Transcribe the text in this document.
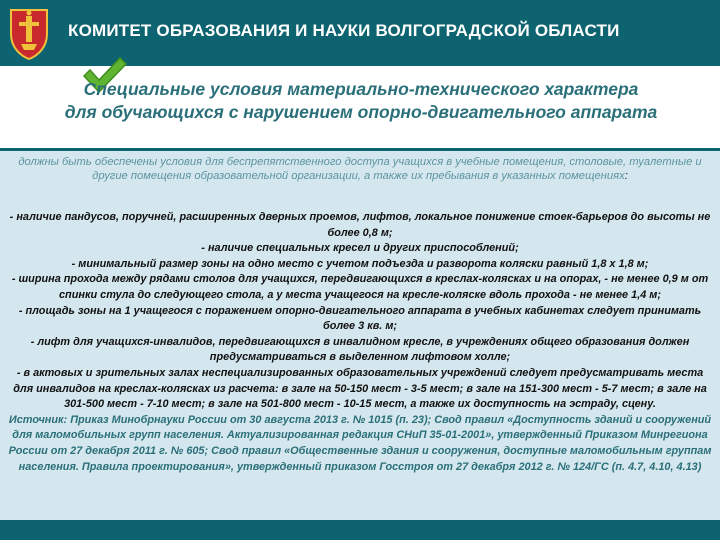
КОМИТЕТ ОБРАЗОВАНИЯ И НАУКИ ВОЛГОГРАДСКОЙ ОБЛАСТИ
Специальные условия материально-технического характера
для обучающихся с нарушением опорно-двигательного аппарата
должны быть обеспечены условия для беспрепятственного доступа учащихся в учебные помещения, столовые, туалетные и другие помещения образовательной организации, а также их пребывания в указанных помещениях:

- наличие пандусов, поручней, расширенных дверных проемов, лифтов, локальное понижение стоек-барьеров до высоты не более 0,8 м;

- наличие специальных кресел и других приспособлений;

- минимальный размер зоны на одно место с учетом подъезда и разворота коляски равный 1,8 х 1,8 м;

- ширина прохода между рядами столов для учащихся, передвигающихся в креслах-колясках и на опорах, - не менее 0,9 м от спинки стула до следующего стола, а у места учащегося на кресле-коляске вдоль прохода - не менее 1,4 м;

- площадь зоны на 1 учащегося с поражением опорно-двигательного аппарата в учебных кабинетах следует принимать более 3 кв. м;

- лифт для учащихся-инвалидов, передвигающихся в инвалидном кресле, в учреждениях общего образования должен предусматриваться в выделенном лифтовом холле;

- в актовых и зрительных залах неспециализированных образовательных учреждений следует предусматривать места для инвалидов на креслах-колясках из расчета: в зале на 50-150 мест - 3-5 мест; в зале на 151-300 мест - 5-7 мест; в зале на 301-500 мест - 7-10 мест; в зале на 501-800 мест - 10-15 мест, а также их доступность на эстраду, сцену.

Источник: Приказ Минобрнауки России от 30 августа 2013 г. № 1015 (п. 23); Свод правил «Доступность зданий и сооружений для маломобильных групп населения. Актуализированная редакция СНиП 35-01-2001», утвержденный Приказом Минрегиона России от 27 декабря 2011 г. № 605; Свод правил «Общественные здания и сооружения, доступные маломобильным группам населения. Правила проектирования», утвержденный приказом Госстроя от 27 декабря 2012 г. № 124/ГС (п. 4.7, 4.10, 4.13)
